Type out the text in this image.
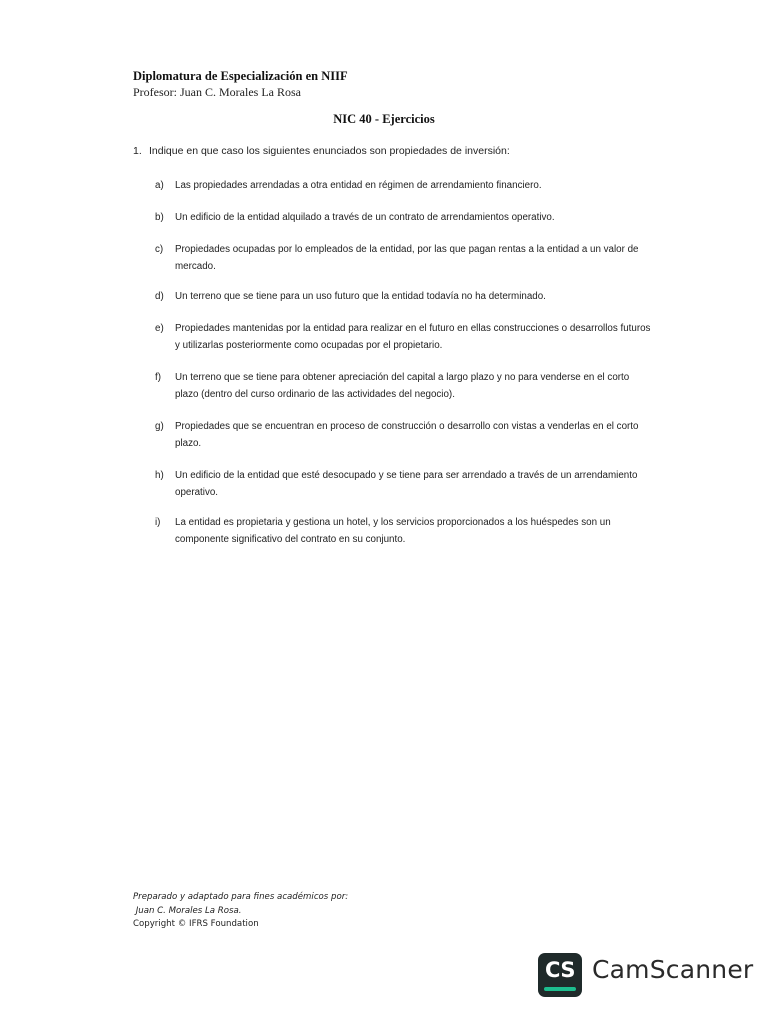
Diplomatura de Especialización en NIIF
Profesor: Juan C. Morales La Rosa
NIC 40 - Ejercicios
1. Indique en que caso los siguientes enunciados son propiedades de inversión:
a)	Las propiedades arrendadas a otra entidad en régimen de arrendamiento financiero.
b)	Un edificio de la entidad alquilado a través de un contrato de arrendamientos operativo.
c)	Propiedades ocupadas por lo empleados de la entidad, por las que pagan rentas a la entidad a un valor de mercado.
d)	Un terreno que se tiene para un uso futuro que la entidad todavía no ha determinado.
e)	Propiedades mantenidas por la entidad para realizar en el futuro en ellas construcciones o desarrollos futuros y utilizarlas posteriormente como ocupadas por el propietario.
f)	Un terreno que se tiene para obtener apreciación del capital a largo plazo y no para venderse en el corto plazo (dentro del curso ordinario de las actividades del negocio).
g)	Propiedades que se encuentran en proceso de construcción o desarrollo con vistas a venderlas en el corto plazo.
h)	Un edificio de la entidad que esté desocupado y se tiene para ser arrendado a través de un arrendamiento operativo.
i)	La entidad es propietaria y gestiona un hotel, y los servicios proporcionados a los huéspedes son un componente significativo del contrato en su conjunto.
Preparado y adaptado para fines académicos por:
Juan C. Morales La Rosa.
Copyright © IFRS Foundation
CS CamScanner
